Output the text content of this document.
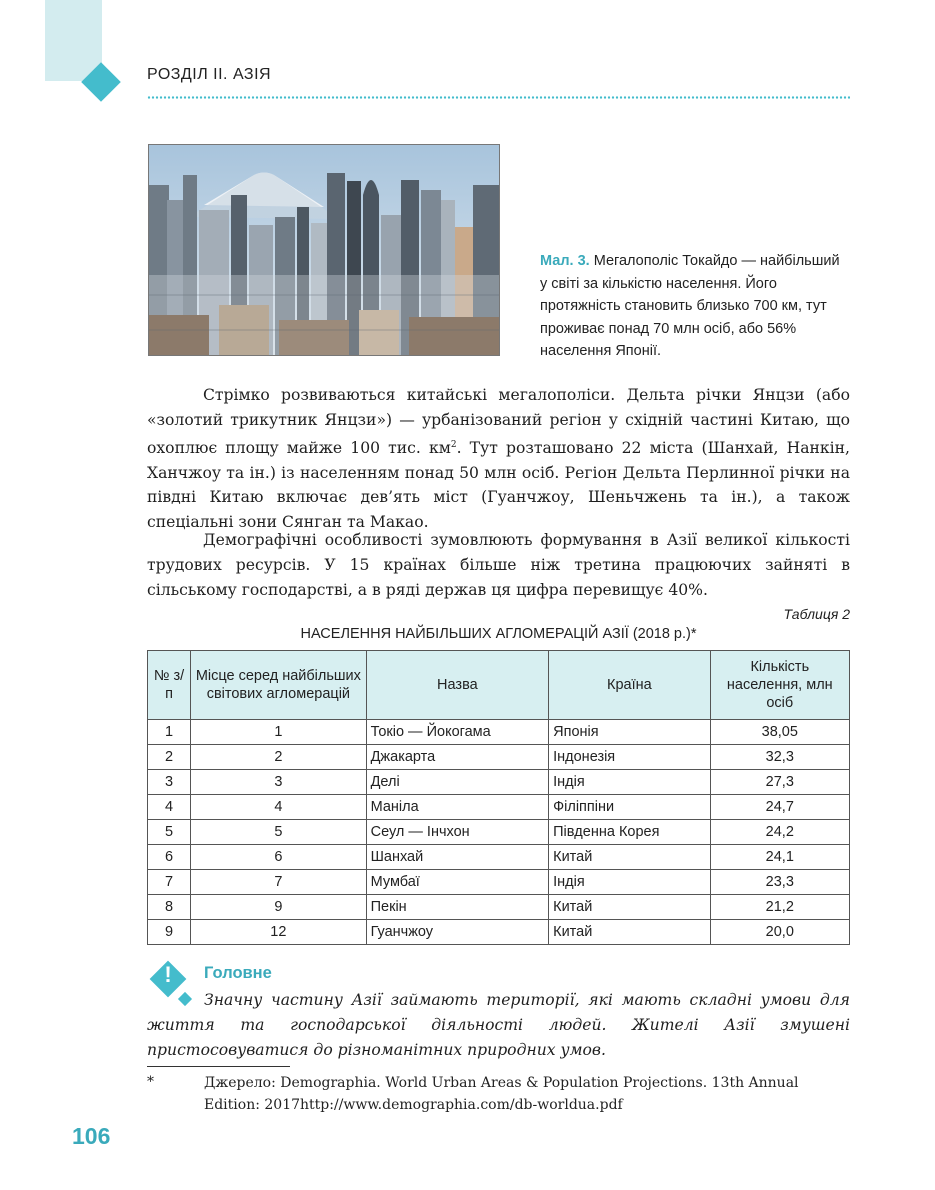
РОЗДІЛ ІІ. АЗІЯ
Мал. 3. Мегалополіс Токайдо — найбільший у світі за кількістю населення. Його протяжність становить близько 700 км, тут проживає понад 70 млн осіб, або 56% населення Японії.

Стрімко розвиваються китайські мегалополіси. Дельта річки Янцзи (або «золотий трикутник Янцзи») — урбанізований регіон у східній частині Китаю, що охоплює площу майже 100 тис. $км^2$. Тут розташовано 22 міста (Шанхай, Нанкін, Ханчжоу та ін.) із населенням понад 50 млн осіб. Регіон Дельта Перлинної річки на півдні Китаю включає дев’ять міст (Гуанчжоу, Шеньчжень та ін.), а також спеціальні зони Сянган та Макао.

Демографічні особливості зумовлюють формування в Азії великої кількості трудових ресурсів. У 15 країнах більше ніж третина працюючих зайняті в сільському господарстві, а в ряді держав ця цифра перевищує 40%.

Таблиця 2
НАСЕЛЕННЯ НАЙБІЛЬШИХ АГЛОМЕРАЦІЙ АЗІЇ (2018 р.)*
№ з/п	Місце серед найбільших світових агломерацій	Назва	Країна	Кількість населення, млн осіб
1	1	Токіо — Йокогама	Японія	38,05
2	2	Джакарта	Індонезія	32,3
3	3	Делі	Індія	27,3
4	4	Маніла	Філіппіни	24,7
5	5	Сеул — Інчхон	Південна Корея	24,2
6	6	Шанхай	Китай	24,1
7	7	Мумбаї	Індія	23,3
8	9	Пекін	Китай	21,2
9	12	Гуанчжоу	Китай	20,0
!	Головне

Значну частину Азії займають території, які мають складні умови для життя та господарської діяльності людей. Жителі Азії змушені пристосовуватися до різноманітних природних умов.

*	Джерело: Demographia. World Urban Areas & Population Projections. 13th Annual Edition: 2017http://www.demographia.com/db-worldua.pdf

106
